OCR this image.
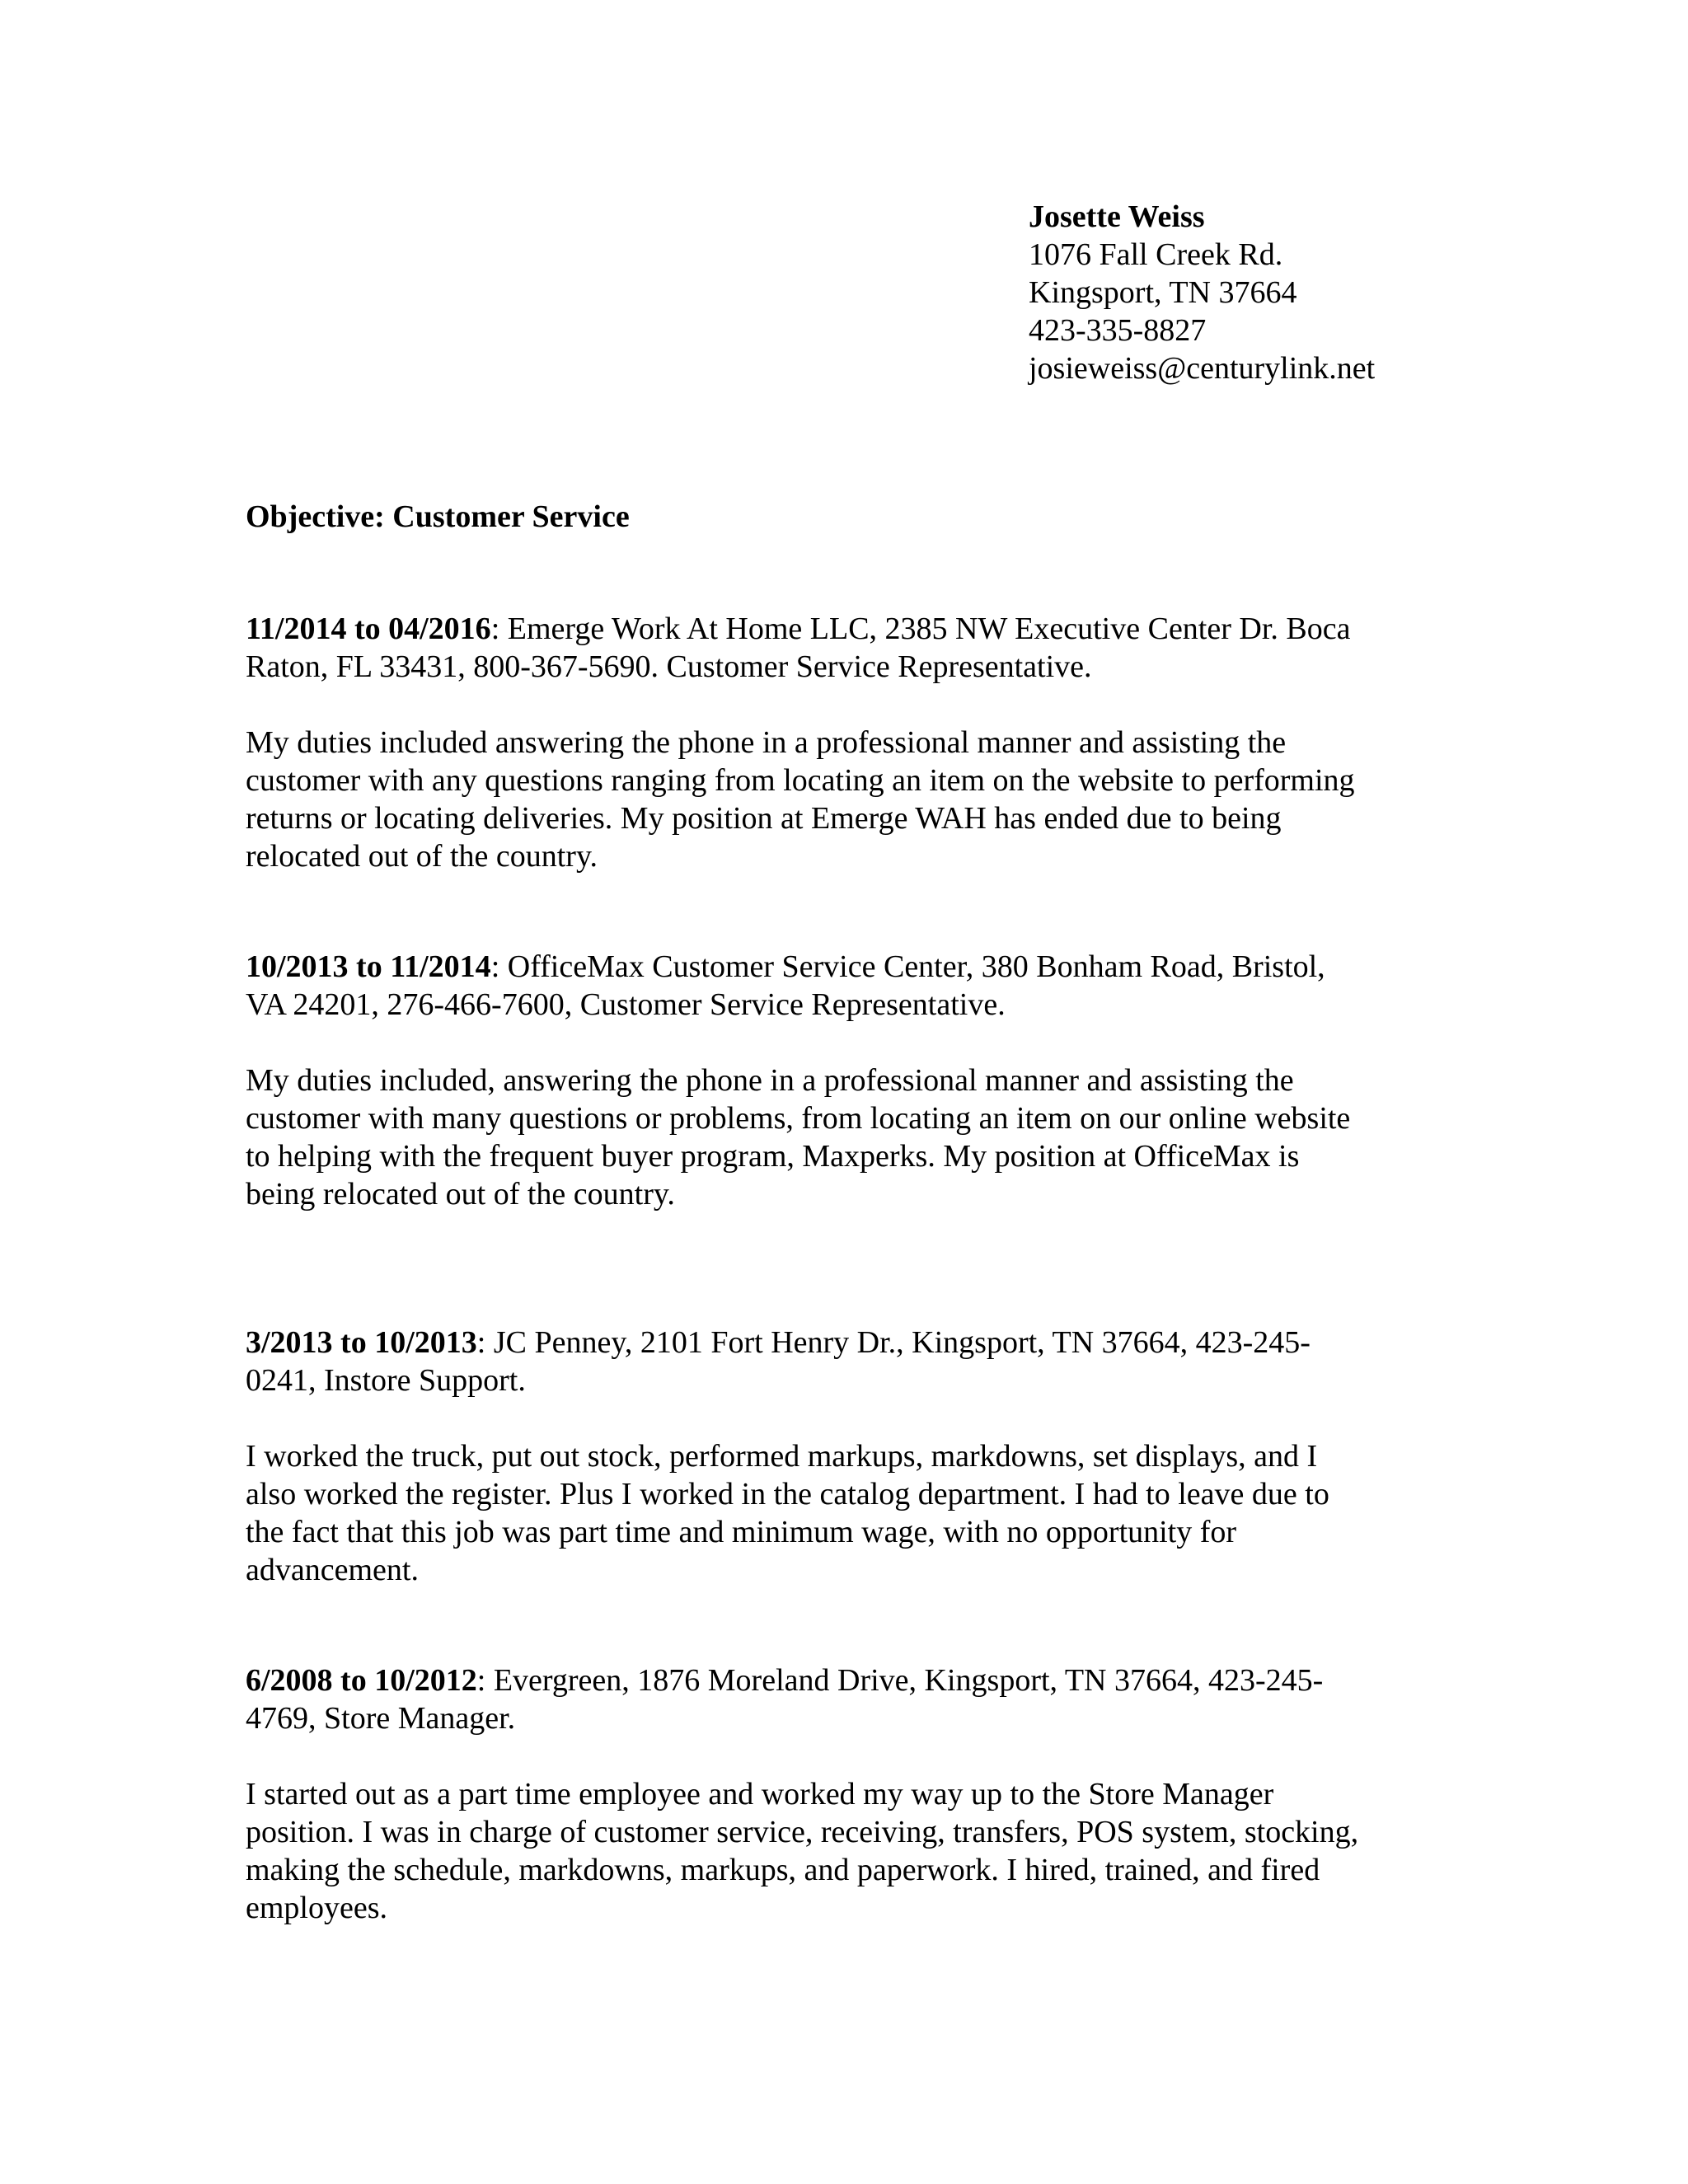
Josette Weiss
1076 Fall Creek Rd.
Kingsport, TN 37664
423-335-8827
josieweiss@centurylink.net
Objective: Customer Service

11/2014 to 04/2016: Emerge Work At Home LLC, 2385 NW Executive Center Dr. Boca

Raton, FL 33431, 800-367-5690. Customer Service Representative.

My duties included answering the phone in a professional manner and assisting the

customer with any questions ranging from locating an item on the website to performing

returns or locating deliveries. My position at Emerge WAH has ended due to being

relocated out of the country.

10/2013 to 11/2014: OfficeMax Customer Service Center, 380 Bonham Road, Bristol,

VA 24201, 276-466-7600, Customer Service Representative.

My duties included, answering the phone in a professional manner and assisting the

customer with many questions or problems, from locating an item on our online website

to helping with the frequent buyer program, Maxperks. My position at OfficeMax is

being relocated out of the country.

3/2013 to 10/2013: JC Penney, 2101 Fort Henry Dr., Kingsport, TN 37664, 423-245-

0241, Instore Support.

I worked the truck, put out stock, performed markups, markdowns, set displays, and I

also worked the register. Plus I worked in the catalog department. I had to leave due to

the fact that this job was part time and minimum wage, with no opportunity for

advancement.

6/2008 to 10/2012: Evergreen, 1876 Moreland Drive, Kingsport, TN 37664, 423-245-

4769, Store Manager.

I started out as a part time employee and worked my way up to the Store Manager

position. I was in charge of customer service, receiving, transfers, POS system, stocking,

making the schedule, markdowns, markups, and paperwork. I hired, trained, and fired

employees.
